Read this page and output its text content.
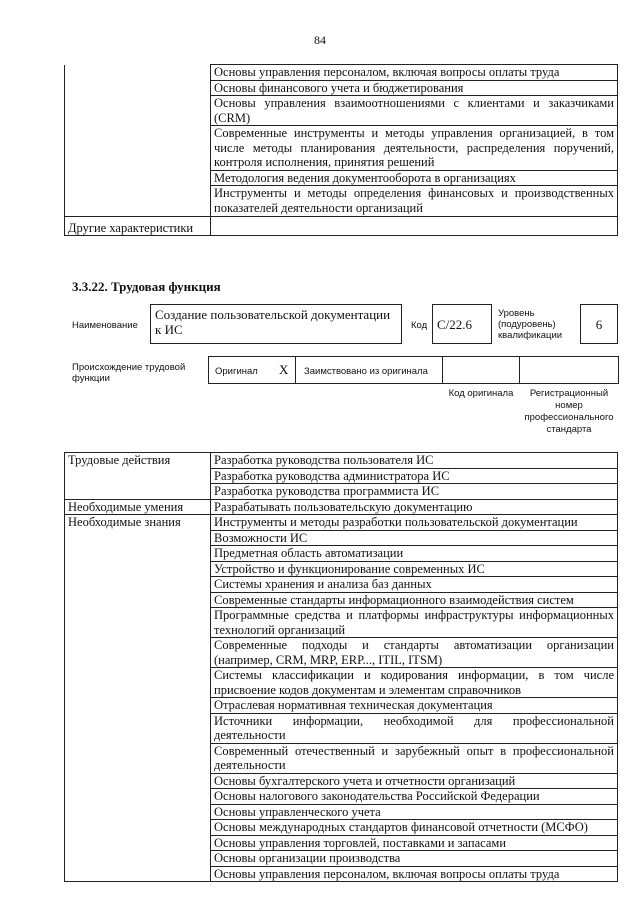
84
	Основы управления персоналом, включая вопросы оплаты труда
	Основы финансового учета и бюджетирования
	Основы управления взаимоотношениями с клиентами и заказчиками (CRM)
	Современные инструменты и методы управления организацией, в том числе методы планирования деятельности, распределения поручений, контроля исполнения, принятия решений
	Методология ведения документооборота в организациях
	Инструменты и методы определения финансовых и производственных показателей деятельности организаций
Другие характеристики	
3.3.22. Трудовая функция
Наименование
Создание пользовательской документации к ИС	Код С/22.6
Уровень (подуровень) квалификации
6
Происхождение трудовой функции
Оригинал X Заимствовано из оригинала
Код оригинала	Регистрационный номер профессионального стандарта
Трудовые действия	Разработка руководства пользователя ИС
	Разработка руководства администратора ИС
	Разработка руководства программиста ИС
Необходимые умения	Разрабатывать пользовательскую документацию
Необходимые знания	Инструменты и методы разработки пользовательской документации
	Возможности ИС
	Предметная область автоматизации
	Устройство и функционирование современных ИС
	Системы хранения и анализа баз данных
	Современные стандарты информационного взаимодействия систем
	Программные средства и платформы инфраструктуры информационных технологий организаций
	Современные подходы и стандарты автоматизации организации (например, CRM, MRP, ERP..., ITIL, ITSM)
	Системы классификации и кодирования информации, в том числе присвоение кодов документам и элементам справочников
	Отраслевая нормативная техническая документация
	Источники информации, необходимой для профессиональной деятельности
	Современный отечественный и зарубежный опыт в профессиональной деятельности
	Основы бухгалтерского учета и отчетности организаций
	Основы налогового законодательства Российской Федерации
	Основы управленческого учета
	Основы международных стандартов финансовой отчетности (МСФО)
	Основы управления торговлей, поставками и запасами
	Основы организации производства
	Основы управления персоналом, включая вопросы оплаты труда
